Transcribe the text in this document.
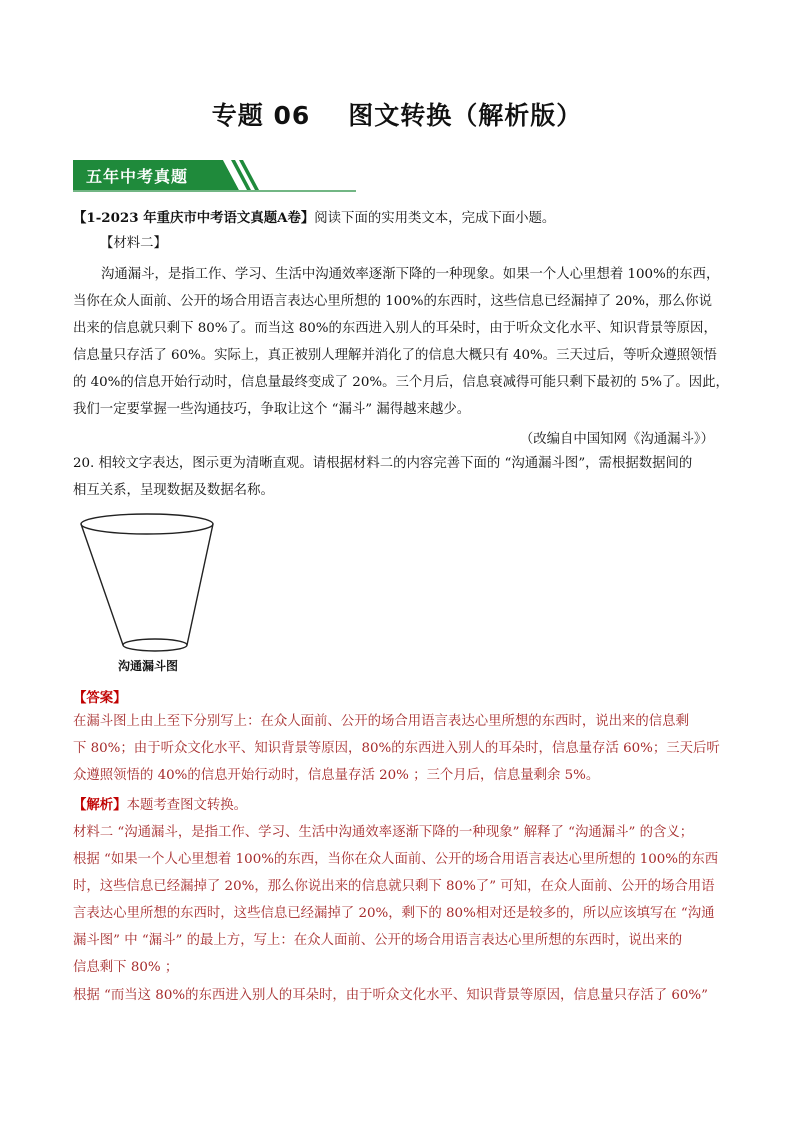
专题 06 图文转换（解析版）
五年中考真题
【1-2023 年重庆市中考语文真题A卷】阅读下面的实用类文本，完成下面小题。
【材料二】
沟通漏斗，是指工作、学习、生活中沟通效率逐渐下降的一种现象。如果一个人心里想着 100%的东西，
当你在众人面前、公开的场合用语言表达心里所想的 100%的东西时，这些信息已经漏掉了 20%，那么你说
出来的信息就只剩下 80%了。而当这 80%的东西进入别人的耳朵时，由于听众文化水平、知识背景等原因，
信息量只存活了 60%。实际上，真正被别人理解并消化了的信息大概只有 40%。三天过后，等听众遵照领悟
的 40%的信息开始行动时，信息量最终变成了 20%。三个月后，信息衰减得可能只剩下最初的 5%了。因此，
我们一定要掌握一些沟通技巧，争取让这个 “漏斗” 漏得越来越少。
（改编自中国知网《沟通漏斗》）
20. 相较文字表达，图示更为清晰直观。请根据材料二的内容完善下面的 “沟通漏斗图”，需根据数据间的
相互关系，呈现数据及数据名称。
沟通漏斗图
【答案】
在漏斗图上由上至下分别写上：在众人面前、公开的场合用语言表达心里所想的东西时，说出来的信息剩
下 80%；由于听众文化水平、知识背景等原因，80%的东西进入别人的耳朵时，信息量存活 60%；三天后听
众遵照领悟的 40%的信息开始行动时，信息量存活 20% ；三个月后，信息量剩余 5%。
【解析】本题考查图文转换。
材料二 “沟通漏斗，是指工作、学习、生活中沟通效率逐渐下降的一种现象” 解释了 “沟通漏斗” 的含义；
根据 “如果一个人心里想着 100%的东西，当你在众人面前、公开的场合用语言表达心里所想的 100%的东西
时，这些信息已经漏掉了 20%，那么你说出来的信息就只剩下 80%了” 可知，在众人面前、公开的场合用语
言表达心里所想的东西时，这些信息已经漏掉了 20%，剩下的 80%相对还是较多的，所以应该填写在 “沟通
漏斗图” 中 “漏斗” 的最上方，写上：在众人面前、公开的场合用语言表达心里所想的东西时，说出来的
信息剩下 80% ；
根据 “而当这 80%的东西进入别人的耳朵时，由于听众文化水平、知识背景等原因，信息量只存活了 60%”
